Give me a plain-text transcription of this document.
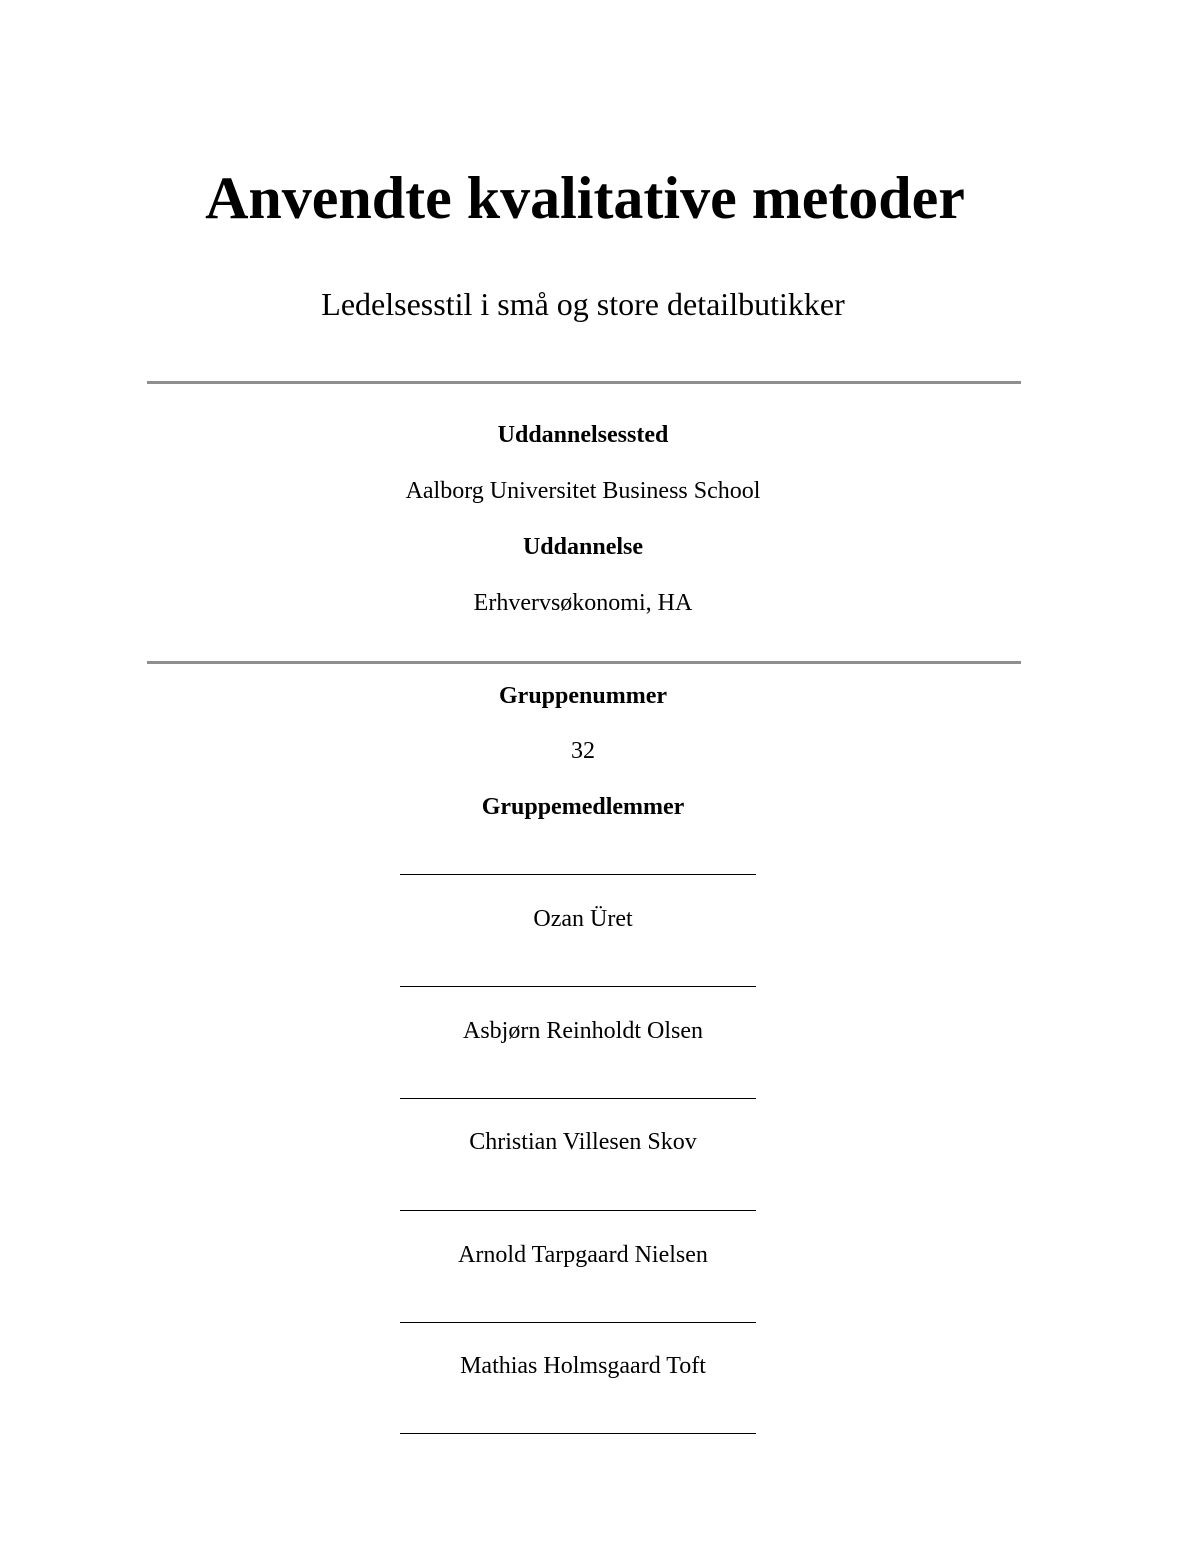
Anvendte kvalitative metoder

Ledelsesstil i små og store detailbutikker

Uddannelsessted

Aalborg Universitet Business School

Uddannelse

Erhvervsøkonomi, HA

Gruppenummer

32

Gruppemedlemmer

Ozan Üret
Asbjørn Reinholdt Olsen
Christian Villesen Skov
Arnold Tarpgaard Nielsen
Mathias Holmsgaard Toft
